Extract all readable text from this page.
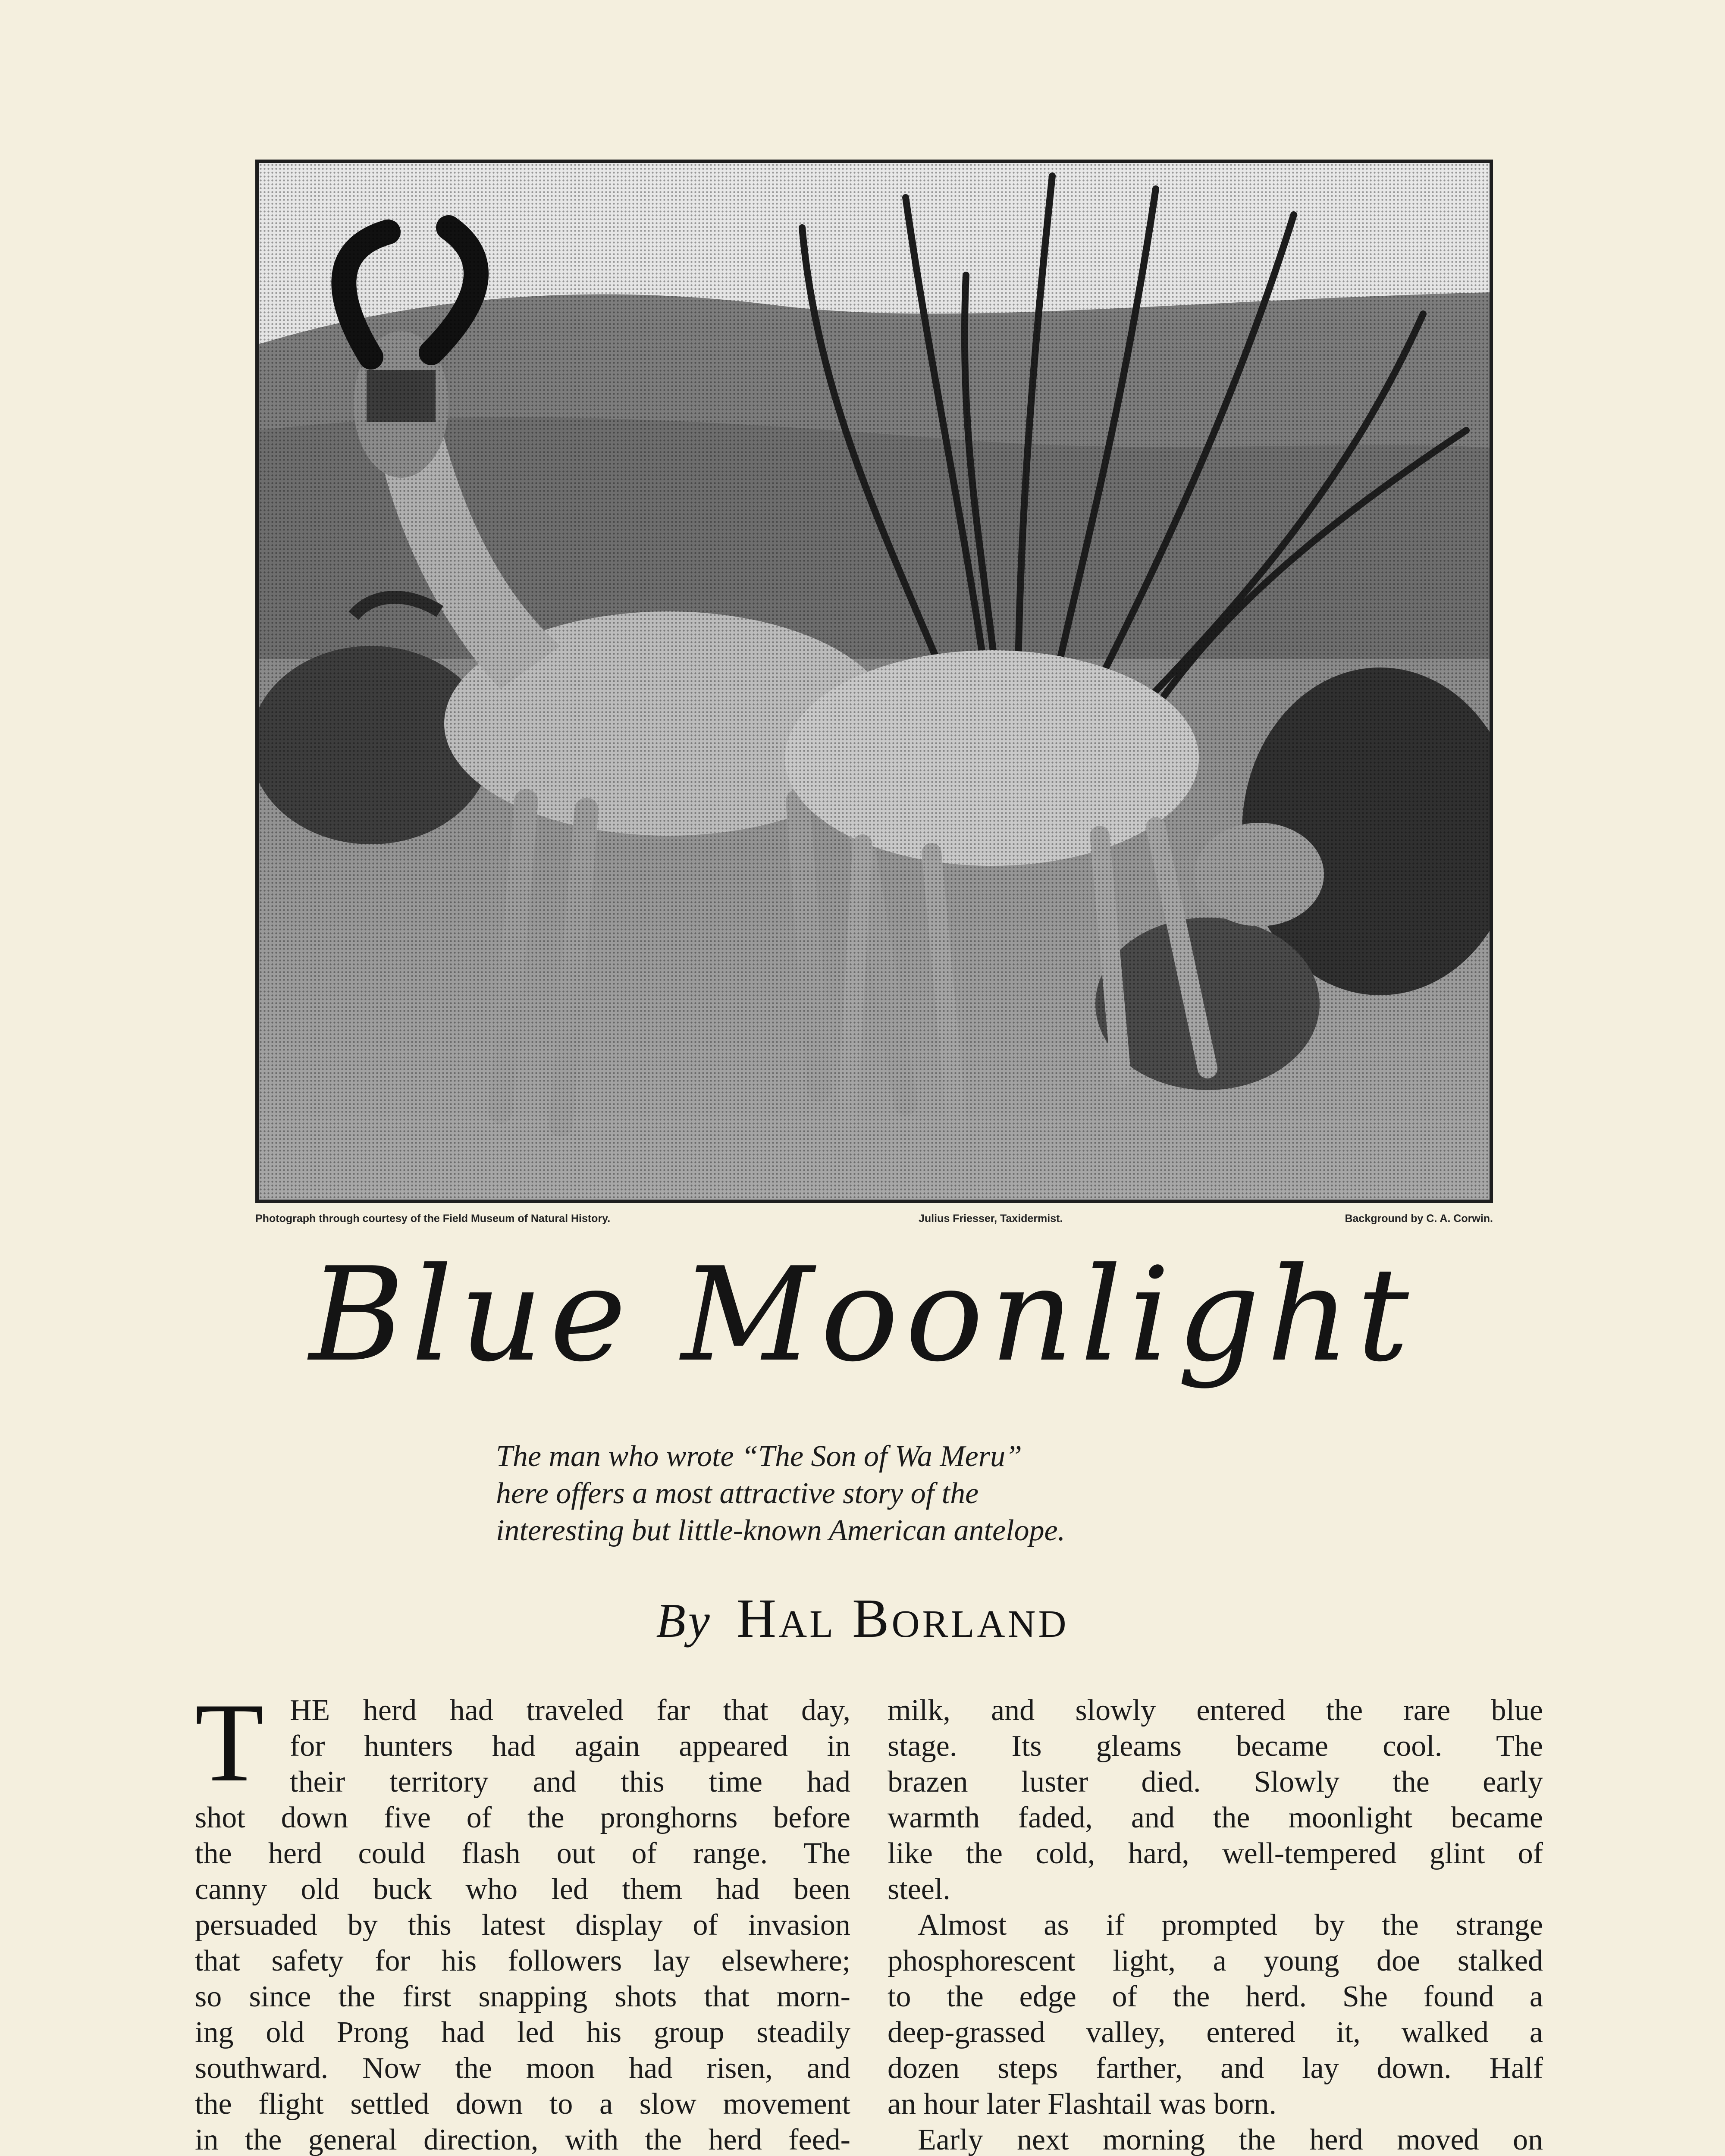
Photograph through courtesy of the Field Museum of Natural History.	Julius Friesser, Taxidermist.	Background by C. A. Corwin.
Blue Moonlight
The man who wrote “The Son of Wa Meru”
here offers a most attractive story of the
interesting but little-known American antelope.
By Hal Borland
T HE herd had traveled far that day,
for hunters had again appeared in
their territory and this time had
shot down five of the pronghorns before
the herd could flash out of range. The
canny old buck who led them had been
persuaded by this latest display of invasion
that safety for his followers lay elsewhere;
so since the first snapping shots that morn-
ing old Prong had led his group steadily
southward. Now the moon had risen, and
the flight settled down to a slow movement
in the general direction, with the herd feed-
milk, and slowly entered the rare blue
stage. Its gleams became cool. The
brazen luster died. Slowly the early
warmth faded, and the moonlight became
like the cold, hard, well-tempered glint of
steel.
Almost as if prompted by the strange
phosphorescent light, a young doe stalked
to the edge of the herd. She found a
deep-grassed valley, entered it, walked a
dozen steps farther, and lay down. Half
an hour later Flashtail was born.
Early next morning the herd moved on
